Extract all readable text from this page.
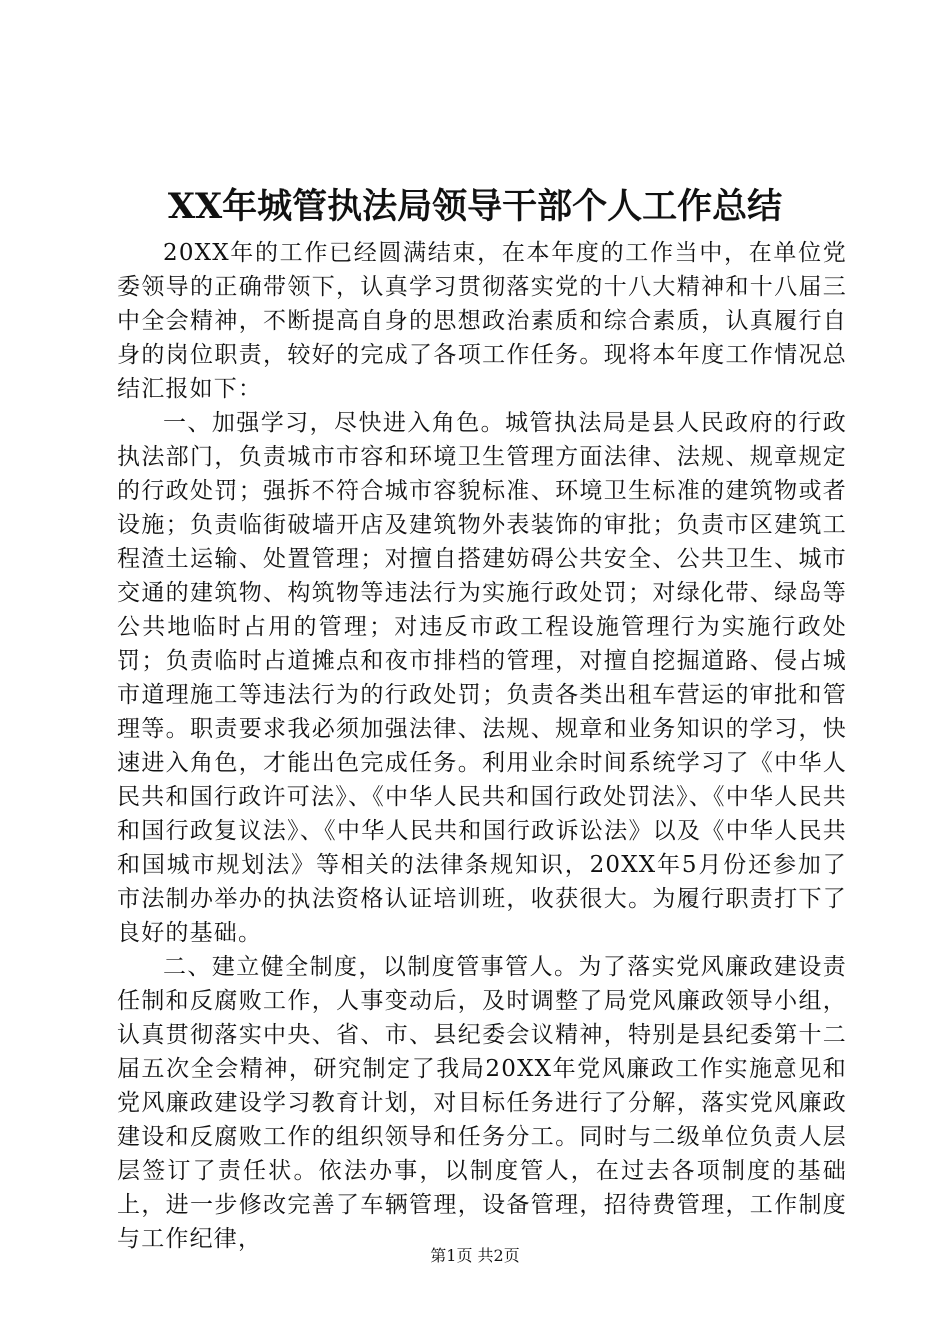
XX年城管执法局领导干部个人工作总结

20XX年的工作已经圆满结束，在本年度的工作当中，在单位党委领导的正确带领下，认真学习贯彻落实党的十八大精神和十八届三中全会精神，不断提高自身的思想政治素质和综合素质，认真履行自身的岗位职责，较好的完成了各项工作任务。现将本年度工作情况总结汇报如下：

一、加强学习，尽快进入角色。城管执法局是县人民政府的行政执法部门，负责城市市容和环境卫生管理方面法律、法规、规章规定的行政处罚；强拆不符合城市容貌标准、环境卫生标准的建筑物或者设施；负责临街破墙开店及建筑物外表装饰的审批；负责市区建筑工程渣土运输、处置管理；对擅自搭建妨碍公共安全、公共卫生、城市交通的建筑物、构筑物等违法行为实施行政处罚；对绿化带、绿岛等公共地临时占用的管理；对违反市政工程设施管理行为实施行政处罚；负责临时占道摊点和夜市排档的管理，对擅自挖掘道路、侵占城市道理施工等违法行为的行政处罚；负责各类出租车营运的审批和管理等。职责要求我必须加强法律、法规、规章和业务知识的学习，快速进入角色，才能出色完成任务。利用业余时间系统学习了《中华人民共和国行政许可法》、《中华人民共和国行政处罚法》、《中华人民共和国行政复议法》、《中华人民共和国行政诉讼法》以及《中华人民共和国城市规划法》等相关的法律条规知识，20XX年5月份还参加了市法制办举办的执法资格认证培训班，收获很大。为履行职责打下了良好的基础。

二、建立健全制度，以制度管事管人。为了落实党风廉政建设责任制和反腐败工作，人事变动后，及时调整了局党风廉政领导小组，认真贯彻落实中央、省、市、县纪委会议精神，特别是县纪委第十二届五次全会精神，研究制定了我局20XX年党风廉政工作实施意见和党风廉政建设学习教育计划，对目标任务进行了分解，落实党风廉政建设和反腐败工作的组织领导和任务分工。同时与二级单位负责人层层签订了责任状。依法办事，以制度管人，在过去各项制度的基础上，进一步修改完善了车辆管理，设备管理，招待费管理，工作制度与工作纪律，

第1页 共2页
